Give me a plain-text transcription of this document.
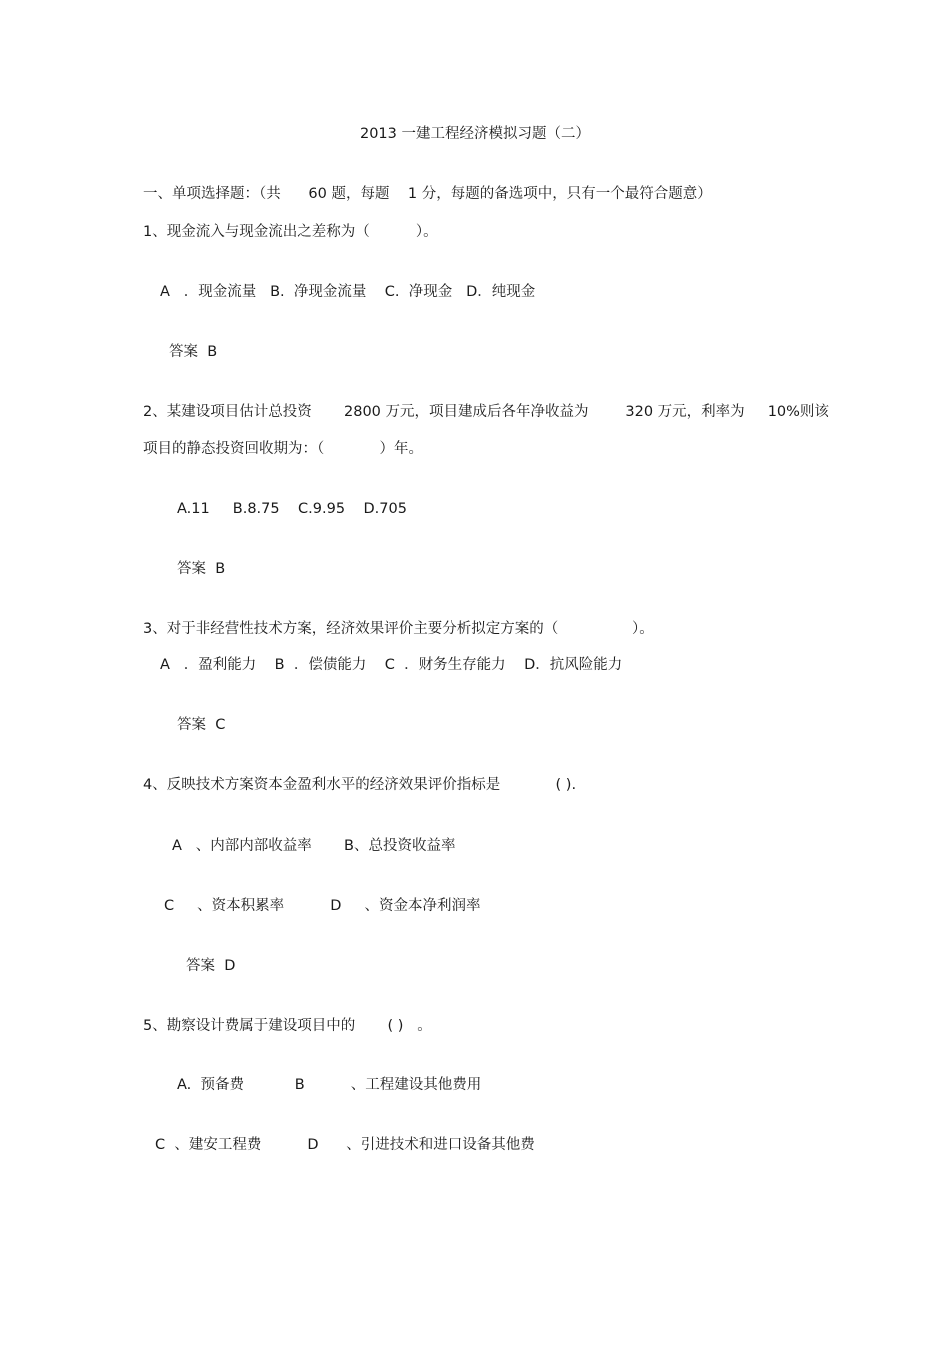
2013 一建工程经济模拟习题（二）

一、单项选择题：（共      60 题，每题    1 分，每题的备选项中，只有一个最符合题意）

1、现金流入与现金流出之差称为（          ）。

A   ．现金流量   B.  净现金流量    C.  净现金   D．纯现金

答案  B

2、某建设项目估计总投资       2800 万元，项目建成后各年净收益为        320 万元，利率为     10%则该

项目的静态投资回收期为：（            ）年。

A.11     B.8.75    C.9.95    D.705

答案  B

3、对于非经营性技术方案，经济效果评价主要分析拟定方案的（                ）。

A   ．盈利能力    B  ．偿债能力    C  ．财务生存能力    D．抗风险能力

答案  C

4、反映技术方案资本金盈利水平的经济效果评价指标是            ( ).

A   、内部内部收益率       B、总投资收益率

C     、资本积累率          D     、资金本净利润率

答案  D

5、勘察设计费属于建设项目中的       ( )   。

A.  预备费           B          、工程建设其他费用

C  、建安工程费          D      、引进技术和进口设备其他费
